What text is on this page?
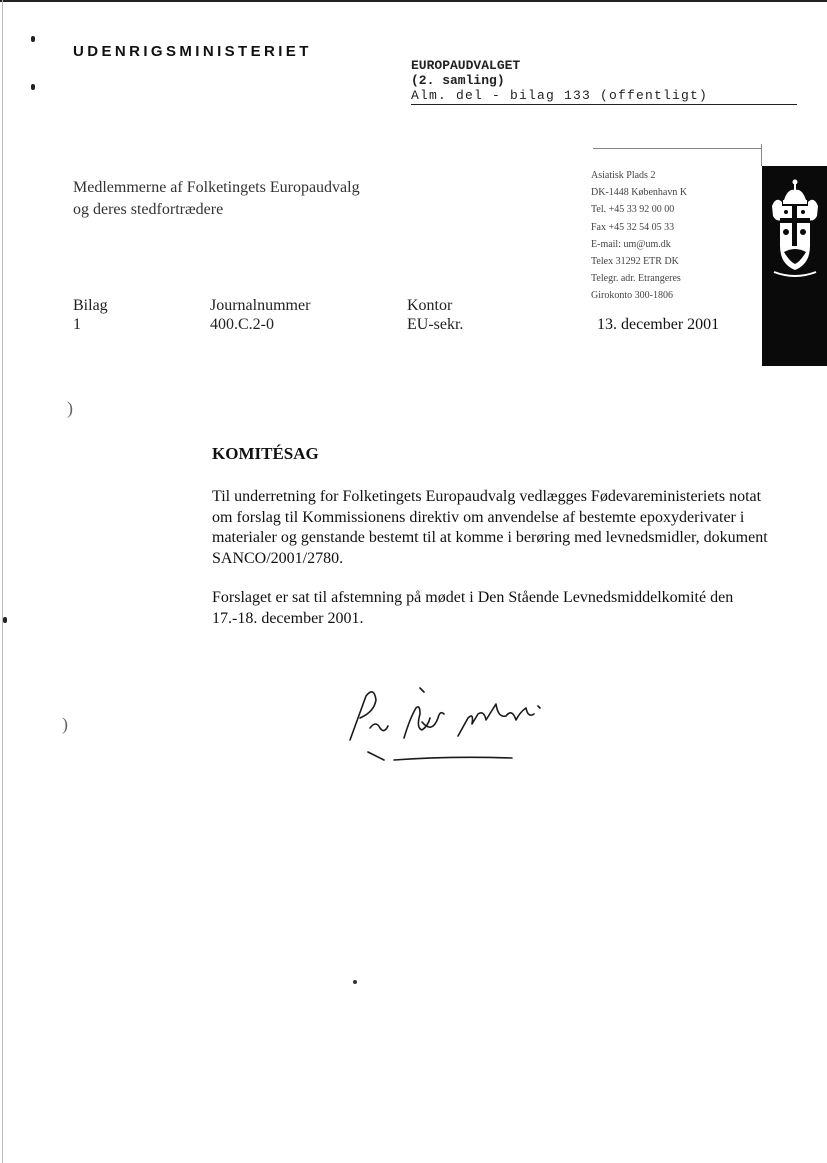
UDENRIGSMINISTERIET
EUROPAUDVALGET
(2. samling)
Alm. del - bilag 133 (offentligt)
Medlemmerne af Folketingets Europaudvalg
og deres stedfortrædere
Asiatisk Plads 2
DK-1448 København K
Tel. +45 33 92 00 00
Fax +45 32 54 05 33
E-mail: um@um.dk
Telex 31292 ETR DK
Telegr. adr. Etrangeres
Girokonto 300-1806
Bilag
1
Journalnummer
400.C.2-0
Kontor
EU-sekr.	13. december 2001
)
)
KOMITÉSAG
Til underretning for Folketingets Europaudvalg vedlægges Fødevareministeriets notat om forslag til Kommissionens direktiv om anvendelse af bestemte epoxyderivater i materialer og genstande bestemt til at komme i berøring med levnedsmidler, dokument SANCO/2001/2780.
Forslaget er sat til afstemning på mødet i Den Stående Levnedsmiddelkomité den 17.-18. december 2001.
